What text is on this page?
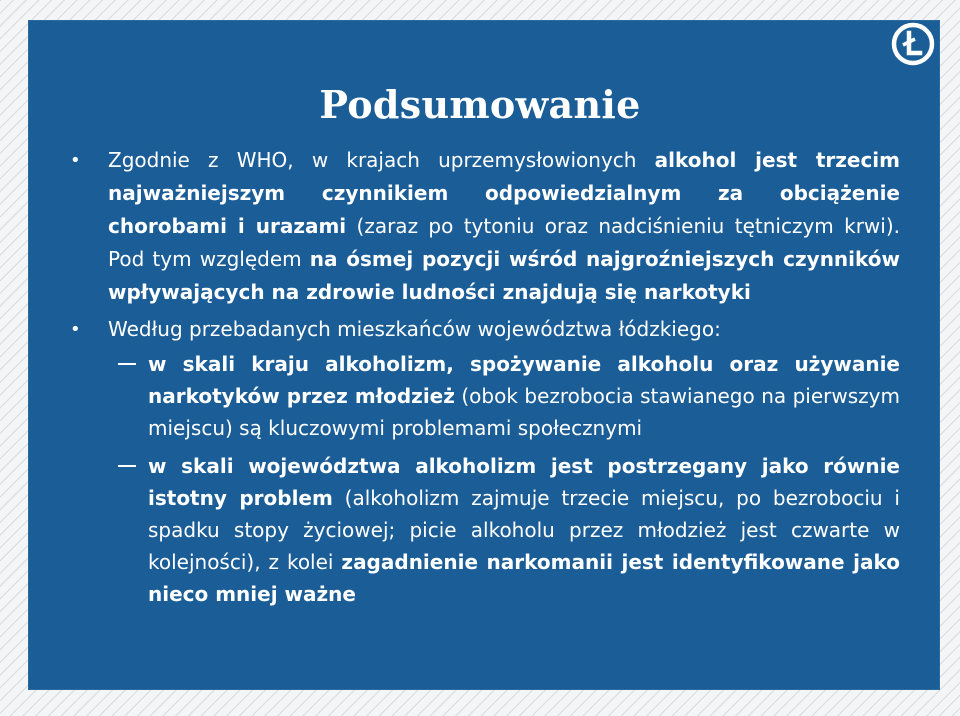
Podsumowanie
• Zgodnie z WHO, w krajach uprzemysłowionych alkohol jest trzecim najważniejszym czynnikiem odpowiedzialnym za obciążenie chorobami i urazami (zaraz po tytoniu oraz nadciśnieniu tętniczym krwi). Pod tym względem na ósmej pozycji wśród najgroźniejszych czynników wpływających na zdrowie ludności znajdują się narkotyki
• Według przebadanych mieszkańców województwa łódzkiego:
w skali kraju alkoholizm, spożywanie alkoholu oraz używanie narkotyków przez młodzież (obok bezrobocia stawianego na pierwszym miejscu) są kluczowymi problemami społecznymi
w skali województwa alkoholizm jest postrzegany jako równie istotny problem (alkoholizm zajmuje trzecie miejscu, po bezrobociu i spadku stopy życiowej; picie alkoholu przez młodzież jest czwarte w kolejności), z kolei zagadnienie narkomanii jest identyfikowane jako nieco mniej ważne
